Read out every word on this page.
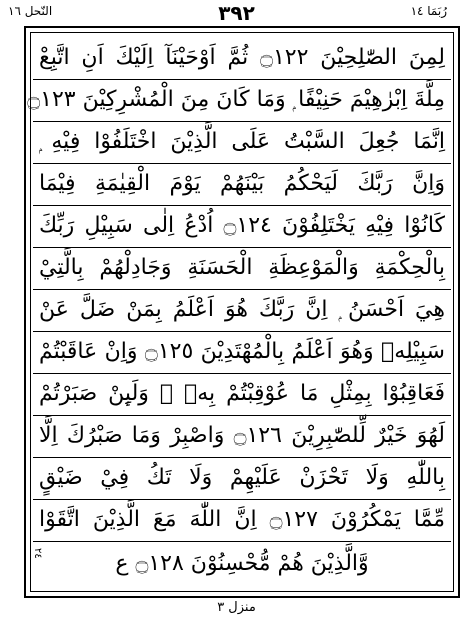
النّحل ١٦	٣٩٢	رُبَمَا ١٤
لِمِنَ الصّٰلِحِيْنَ ۝١٢٢ ثُمَّ اَوْحَيْنَآ اِلَيْكَ اَنِ اتَّبِعْ
مِلَّةَ اِبْرٰهِيْمَ حَنِيْفًا ۭ وَمَا كَانَ مِنَ الْمُشْرِكِيْنَ ۝١٢٣
اِنَّمَا جُعِلَ السَّبْتُ عَلَى الَّذِيْنَ اخْتَلَفُوْا فِيْهِ ۭ
وَاِنَّ رَبَّكَ لَيَحْكُمُ بَيْنَهُمْ يَوْمَ الْقِيٰمَةِ فِيْمَا
كَانُوْا فِيْهِ يَخْتَلِفُوْنَ ۝١٢٤ اُدْعُ اِلٰى سَبِيْلِ رَبِّكَ
بِالْحِكْمَةِ وَالْمَوْعِظَةِ الْحَسَنَةِ وَجَادِلْهُمْ بِالَّتِيْ
هِيَ اَحْسَنُ ۭ اِنَّ رَبَّكَ هُوَ اَعْلَمُ بِمَنْ ضَلَّ عَنْ
سَبِيْلِهٖ وَهُوَ اَعْلَمُ بِالْمُهْتَدِيْنَ ۝١٢٥ وَاِنْ عَاقَبْتُمْ
فَعَاقِبُوْا بِمِثْلِ مَا عُوْقِبْتُمْ بِهٖ ۭ وَلَىِٕنْ صَبَرْتُمْ
لَهُوَ خَيْرٌ لِّلصّٰبِرِيْنَ ۝١٢٦ وَاصْبِرْ وَمَا صَبْرُكَ اِلَّا
بِاللّٰهِ وَلَا تَحْزَنْ عَلَيْهِمْ وَلَا تَكُ فِيْ ضَيْقٍ
مِّمَّا يَمْكُرُوْنَ ۝١٢٧ اِنَّ اللّٰهَ مَعَ الَّذِيْنَ اتَّقَوْا
وَّالَّذِيْنَ هُمْ مُّحْسِنُوْنَ ۝١٢٨ ع
٢٤
منزل ٣
